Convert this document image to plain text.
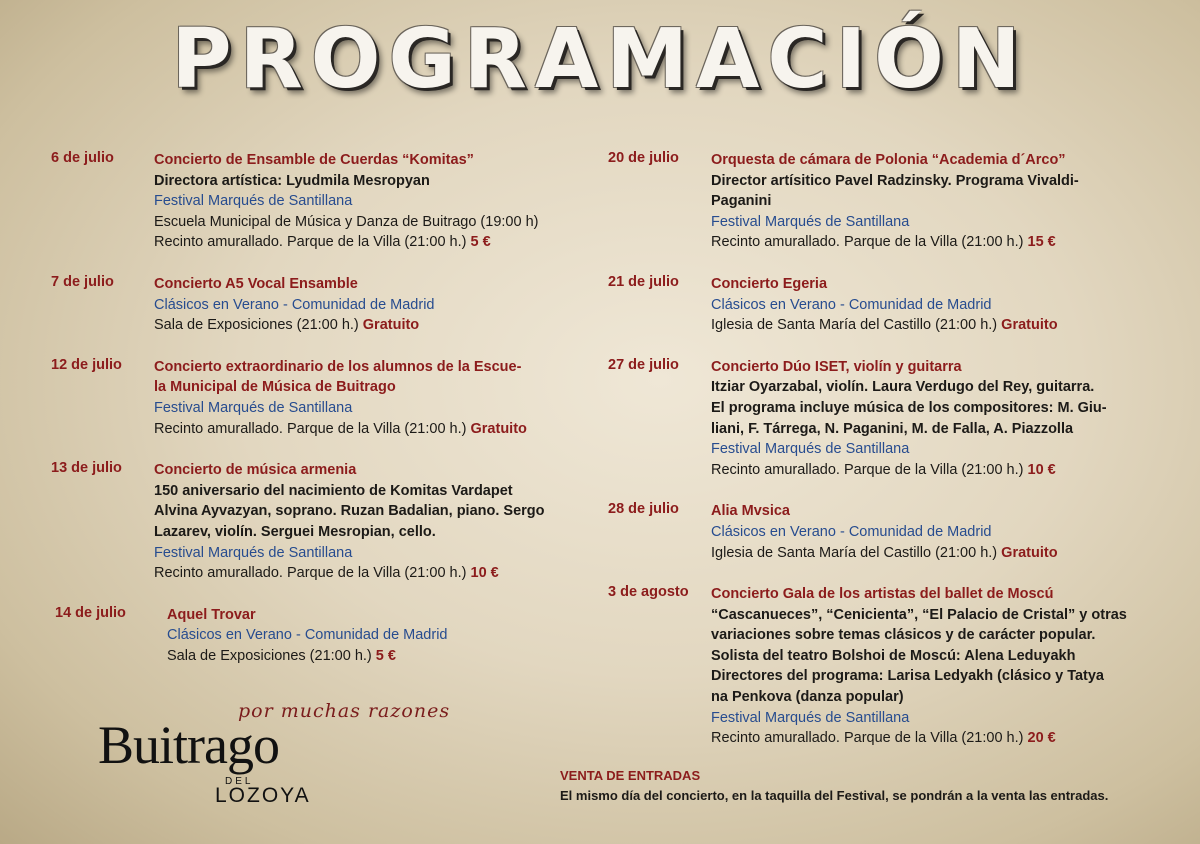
PROGRAMACIÓN
6 de julio	Concierto de Ensamble de Cuerdas “Komitas”
Directora artística: Lyudmila Mesropyan
Festival Marqués de Santillana
Escuela Municipal de Música y Danza de Buitrago (19:00 h)
Recinto amurallado. Parque de la Villa (21:00 h.) 5 €
7 de julio	Concierto A5 Vocal Ensamble
Clásicos en Verano - Comunidad de Madrid
Sala de Exposiciones (21:00 h.) Gratuito
12 de julio Concierto extraordinario de los alumnos de la Escue-
la Municipal de Música de Buitrago
Festival Marqués de Santillana
Recinto amurallado. Parque de la Villa (21:00 h.) Gratuito
13 de julio Concierto de música armenia
150 aniversario del nacimiento de Komitas Vardapet
Alvina Ayvazyan, soprano. Ruzan Badalian, piano. Sergo
Lazarev, violín. Serguei Mesropian, cello.
Festival Marqués de Santillana
Recinto amurallado. Parque de la Villa (21:00 h.) 10 €
14 de julio	Aquel Trovar
Clásicos en Verano - Comunidad de Madrid
Sala de Exposiciones (21:00 h.) 5 €
20 de julio Orquesta de cámara de Polonia “Academia d´Arco”
Director artísitico Pavel Radzinsky. Programa Vivaldi-
Paganini
Festival Marqués de Santillana
Recinto amurallado. Parque de la Villa (21:00 h.) 15 €
21 de julio Concierto Egeria
Clásicos en Verano - Comunidad de Madrid
Iglesia de Santa María del Castillo (21:00 h.) Gratuito
27 de julio Concierto Dúo ISET, violín y guitarra
Itziar Oyarzabal, violín. Laura Verdugo del Rey, guitarra.
El programa incluye música de los compositores: M. Giu-
liani, F. Tárrega, N. Paganini, M. de Falla, A. Piazzolla
Festival Marqués de Santillana
Recinto amurallado. Parque de la Villa (21:00 h.) 10 €
28 de julio Alia Mvsica
Clásicos en Verano - Comunidad de Madrid
Iglesia de Santa María del Castillo (21:00 h.) Gratuito
3 de agosto Concierto Gala de los artistas del ballet de Moscú
“Cascanueces”, “Cenicienta”, “El Palacio de Cristal” y otras
variaciones sobre temas clásicos y de carácter popular.
Solista del teatro Bolshoi de Moscú: Alena Leduyakh
Directores del programa: Larisa Ledyakh (clásico y Tatya
na Penkova (danza popular)
Festival Marqués de Santillana
Recinto amurallado. Parque de la Villa (21:00 h.) 20 €
por muchas razones
Buitrago
DEL
LOZOYA
VENTA DE ENTRADAS
El mismo día del concierto, en la taquilla del Festival, se pondrán a la venta las entradas.
